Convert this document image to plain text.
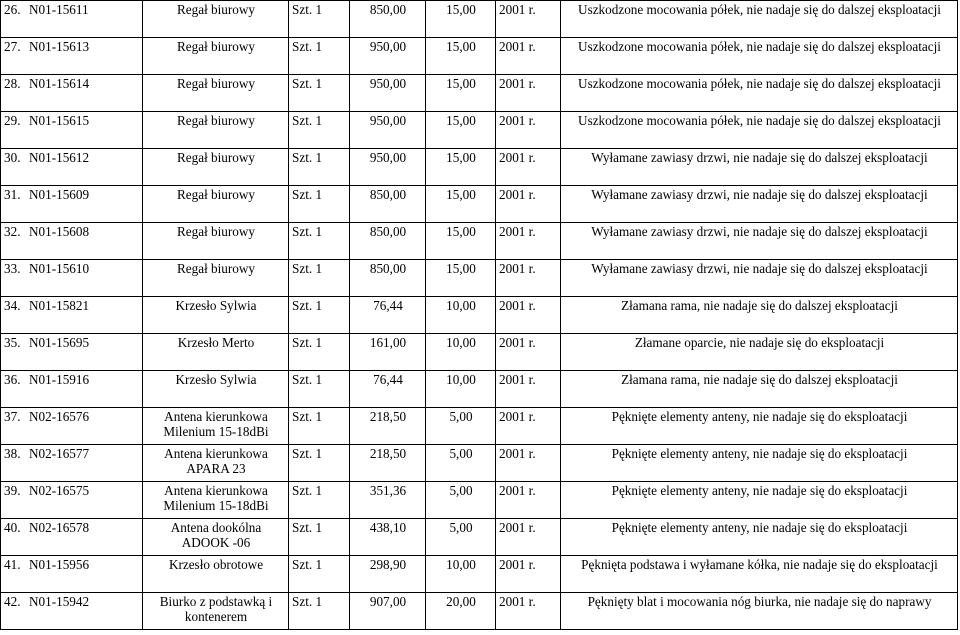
26. N01-15611	Regał biurowy	Szt. 1	850,00	15,00	2001 r.	Uszkodzone mocowania półek, nie nadaje się do dalszej eksploatacji
27. N01-15613	Regał biurowy	Szt. 1	950,00	15,00	2001 r.	Uszkodzone mocowania półek, nie nadaje się do dalszej eksploatacji
28. N01-15614	Regał biurowy	Szt. 1	950,00	15,00	2001 r.	Uszkodzone mocowania półek, nie nadaje się do dalszej eksploatacji
29. N01-15615	Regał biurowy	Szt. 1	950,00	15,00	2001 r.	Uszkodzone mocowania półek, nie nadaje się do dalszej eksploatacji
30. N01-15612	Regał biurowy	Szt. 1	950,00	15,00	2001 r.	Wyłamane zawiasy drzwi, nie nadaje się do dalszej eksploatacji
31. N01-15609	Regał biurowy	Szt. 1	850,00	15,00	2001 r.	Wyłamane zawiasy drzwi, nie nadaje się do dalszej eksploatacji
32. N01-15608	Regał biurowy	Szt. 1	850,00	15,00	2001 r.	Wyłamane zawiasy drzwi, nie nadaje się do dalszej eksploatacji
33. N01-15610	Regał biurowy	Szt. 1	850,00	15,00	2001 r.	Wyłamane zawiasy drzwi, nie nadaje się do dalszej eksploatacji
34. N01-15821	Krzesło Sylwia	Szt. 1	76,44	10,00	2001 r.	Złamana rama, nie nadaje się do dalszej eksploatacji
35. N01-15695	Krzesło Merto	Szt. 1	161,00	10,00	2001 r.	Złamane oparcie, nie nadaje się do eksploatacji
36. N01-15916	Krzesło Sylwia	Szt. 1	76,44	10,00	2001 r.	Złamana rama, nie nadaje się do dalszej eksploatacji
37. N02-16576	Antena kierunkowa Milenium 15-18dBi	Szt. 1	218,50	5,00	2001 r.	Pęknięte elementy anteny, nie nadaje się do eksploatacji
38. N02-16577	Antena kierunkowa APARA 23	Szt. 1	218,50	5,00	2001 r.	Pęknięte elementy anteny, nie nadaje się do eksploatacji
39. N02-16575	Antena kierunkowa Milenium 15-18dBi	Szt. 1	351,36	5,00	2001 r.	Pęknięte elementy anteny, nie nadaje się do eksploatacji
40. N02-16578	Antena dookólna ADOOK -06	Szt. 1	438,10	5,00	2001 r.	Pęknięte elementy anteny, nie nadaje się do eksploatacji
41. N01-15956	Krzesło obrotowe	Szt. 1	298,90	10,00	2001 r.	Pęknięta podstawa i wyłamane kółka, nie nadaje się do eksploatacji
42. N01-15942	Biurko z podstawką i kontenerem	Szt. 1	907,00	20,00	2001 r.	Pęknięty blat i mocowania nóg biurka, nie nadaje się do naprawy
